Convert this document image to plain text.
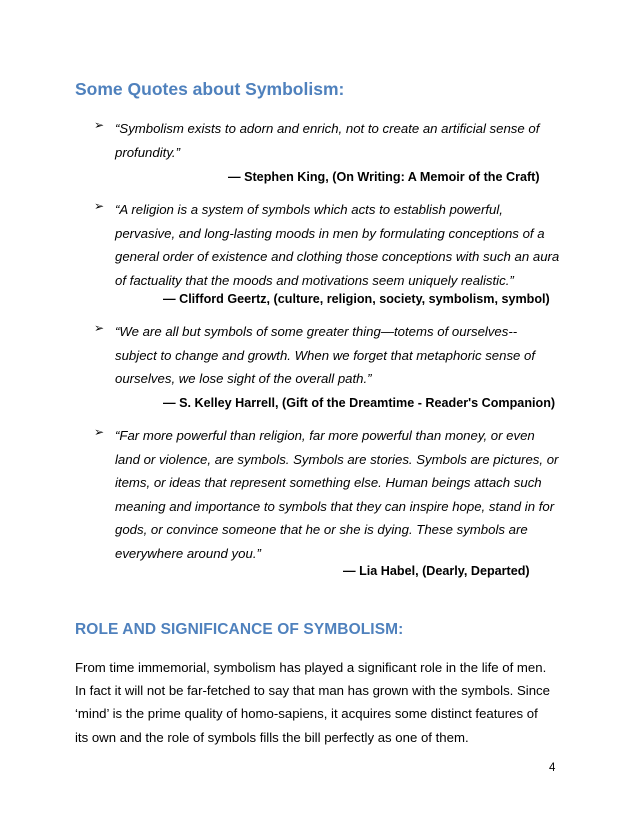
Some Quotes about Symbolism:
➢ “Symbolism exists to adorn and enrich, not to create an artificial sense of
profundity.”
— Stephen King, (On Writing: A Memoir of the Craft)
➢ “A religion is a system of symbols which acts to establish powerful,
pervasive, and long-lasting moods in men by formulating conceptions of a
general order of existence and clothing those conceptions with such an aura
of factuality that the moods and motivations seem uniquely realistic.”
— Clifford Geertz, (culture, religion, society, symbolism, symbol)
➢ “We are all but symbols of some greater thing—totems of ourselves--
subject to change and growth. When we forget that metaphoric sense of
ourselves, we lose sight of the overall path.”
— S. Kelley Harrell, (Gift of the Dreamtime - Reader's Companion)
➢ “Far more powerful than religion, far more powerful than money, or even
land or violence, are symbols. Symbols are stories. Symbols are pictures, or
items, or ideas that represent something else. Human beings attach such
meaning and importance to symbols that they can inspire hope, stand in for
gods, or convince someone that he or she is dying. These symbols are
everywhere around you.”
— Lia Habel, (Dearly, Departed)
ROLE AND SIGNIFICANCE OF SYMBOLISM:
From time immemorial, symbolism has played a significant role in the life of men.
In fact it will not be far-fetched to say that man has grown with the symbols. Since
‘mind’ is the prime quality of homo-sapiens, it acquires some distinct features of
its own and the role of symbols fills the bill perfectly as one of them.
4
